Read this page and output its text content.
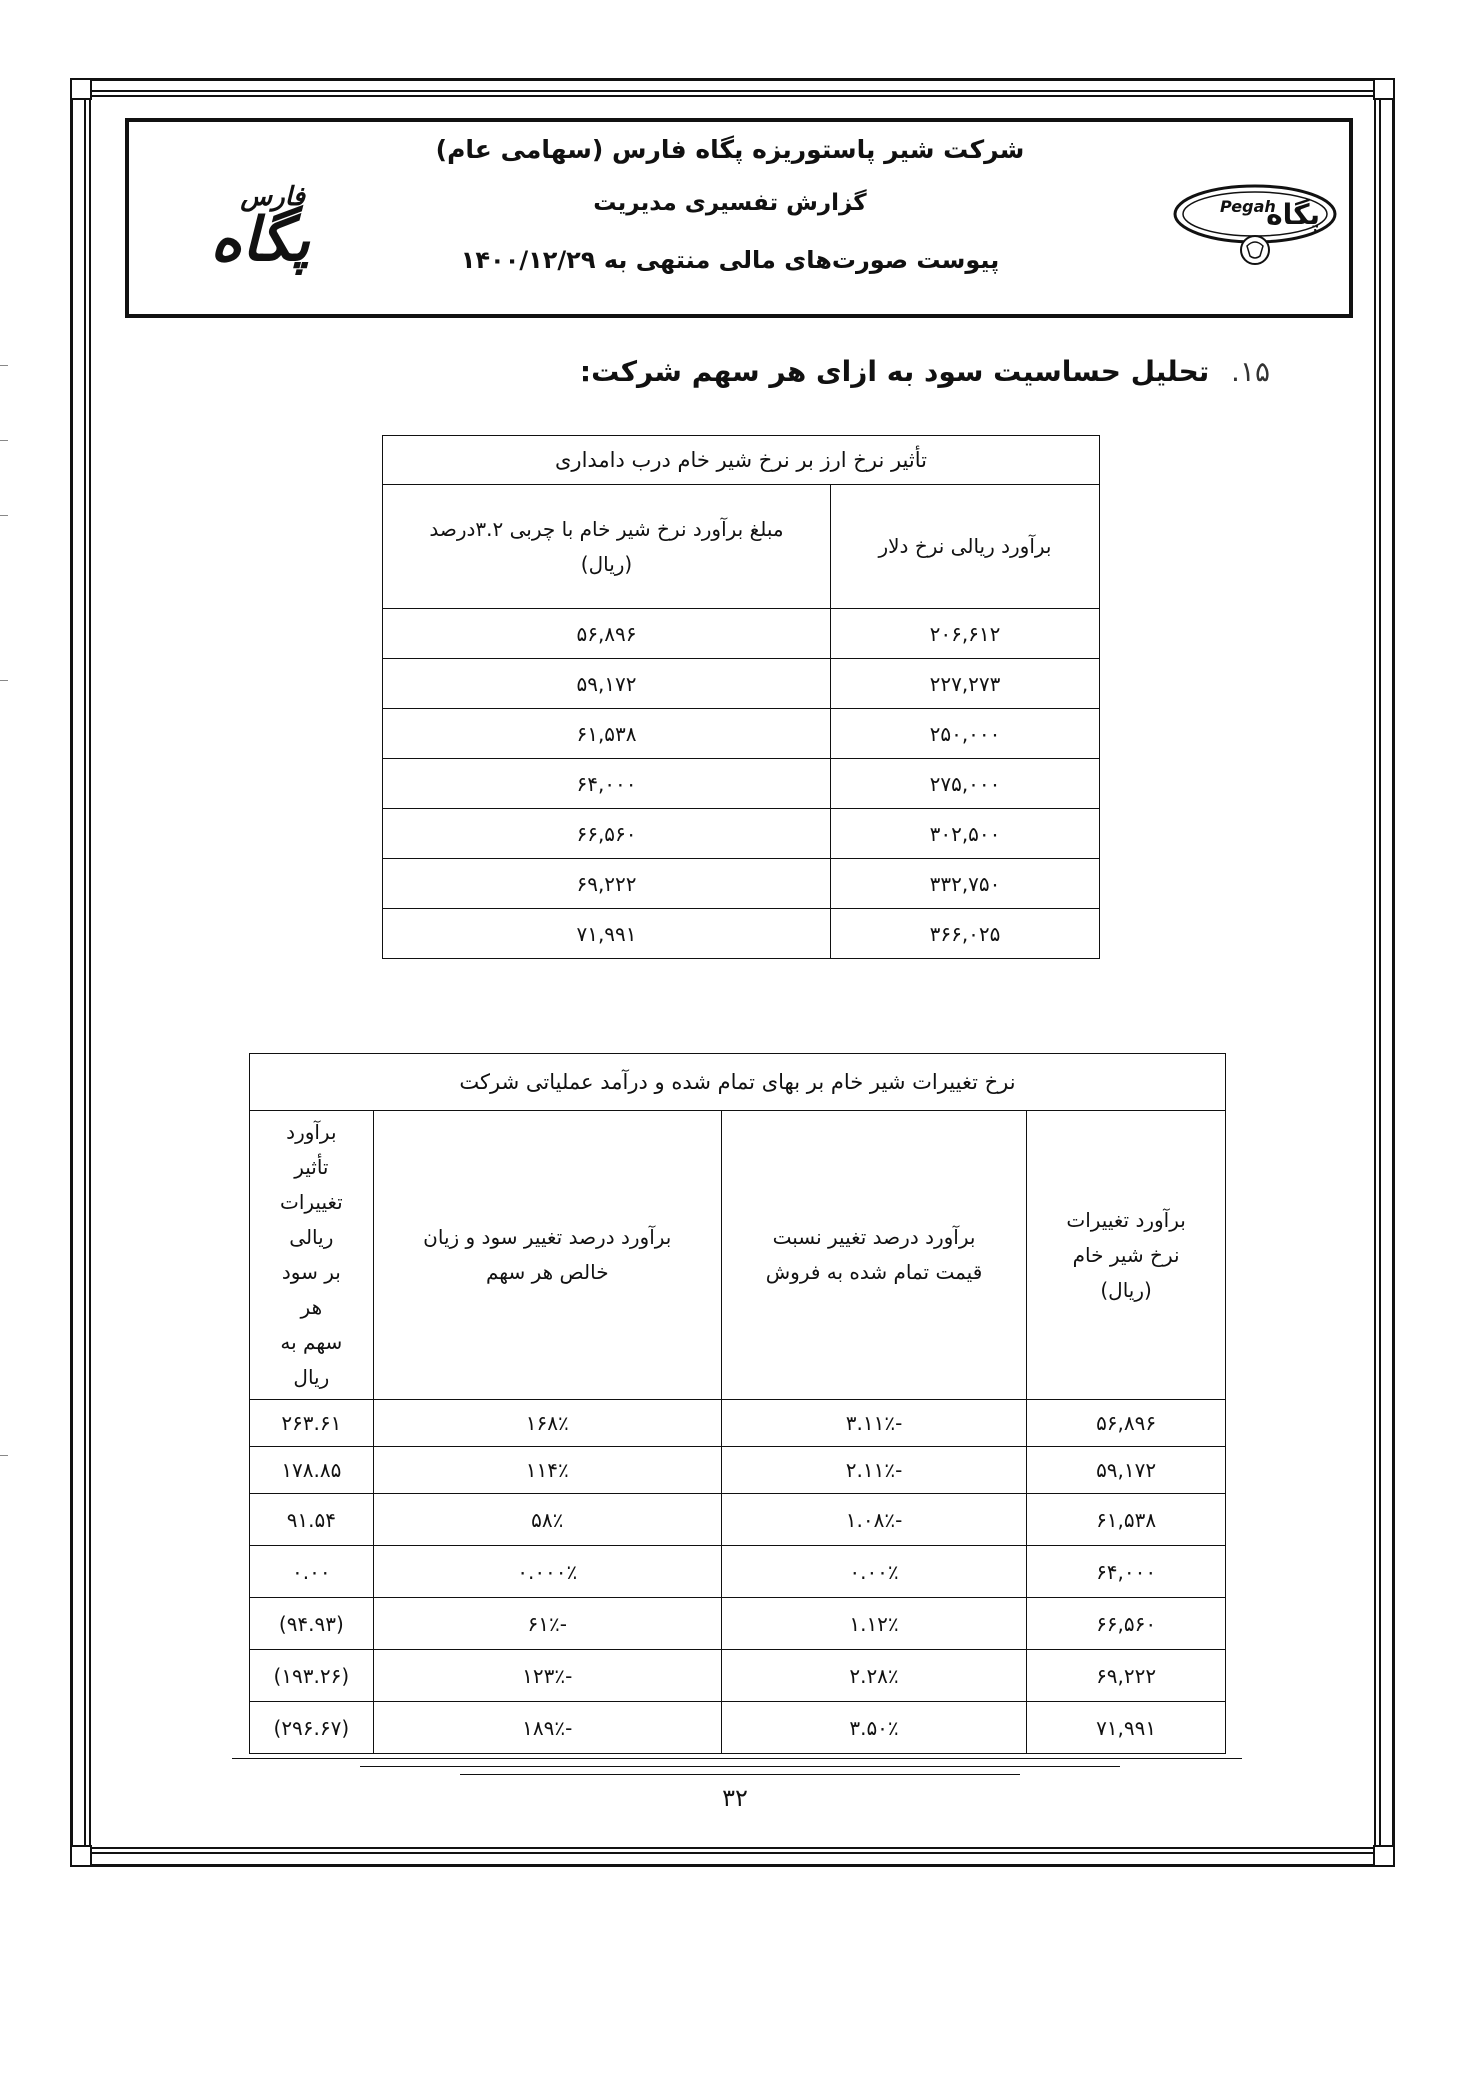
فارس
پگاه	Pegah
پگاه
شرکت شیر پاستوریزه پگاه فارس (سهامی عام)
گزارش تفسیری مدیریت
پیوست صورت‌های مالی منتهی به ۱۴۰۰/۱۲/۲۹
۱۵. تحلیل حساسیت سود به ازای هر سهم شرکت:
تأثیر نرخ ارز بر نرخ شیر خام درب دامداری	
برآورد ریالی نرخ دلار	مبلغ برآورد نرخ شیر خام با چربی ۳.۲درصد (ریال)
۲۰۶,۶۱۲	۵۶,۸۹۶
۲۲۷,۲۷۳	۵۹,۱۷۲
۲۵۰,۰۰۰	۶۱,۵۳۸
۲۷۵,۰۰۰	۶۴,۰۰۰
۳۰۲,۵۰۰	۶۶,۵۶۰
۳۳۲,۷۵۰	۶۹,۲۲۲
۳۶۶,۰۲۵	۷۱,۹۹۱
نرخ تغییرات شیر خام بر بهای تمام شده و درآمد عملیاتی شرکت			
برآورد تغییرات نرخ شیر خام (ریال)	برآورد درصد تغییر نسبت قیمت تمام شده به فروش	برآورد درصد تغییر سود و زیان خالص هر سهم	برآورد تأثیر تغییرات ریالی بر سود هر سهم به ریال
۵۶,۸۹۶	-۳.۱۱٪	۱۶۸٪	۲۶۳.۶۱
۵۹,۱۷۲	-۲.۱۱٪	۱۱۴٪	۱۷۸.۸۵
۶۱,۵۳۸	-۱.۰۸٪	۵۸٪	۹۱.۵۴
۶۴,۰۰۰	۰.۰۰٪	۰.۰۰۰٪	۰.۰۰
۶۶,۵۶۰	۱.۱۲٪	-۶۱٪	(۹۴.۹۳)
۶۹,۲۲۲	۲.۲۸٪	-۱۲۳٪	(۱۹۳.۲۶)
۷۱,۹۹۱	۳.۵۰٪	-۱۸۹٪	(۲۹۶.۶۷)
۳۲
